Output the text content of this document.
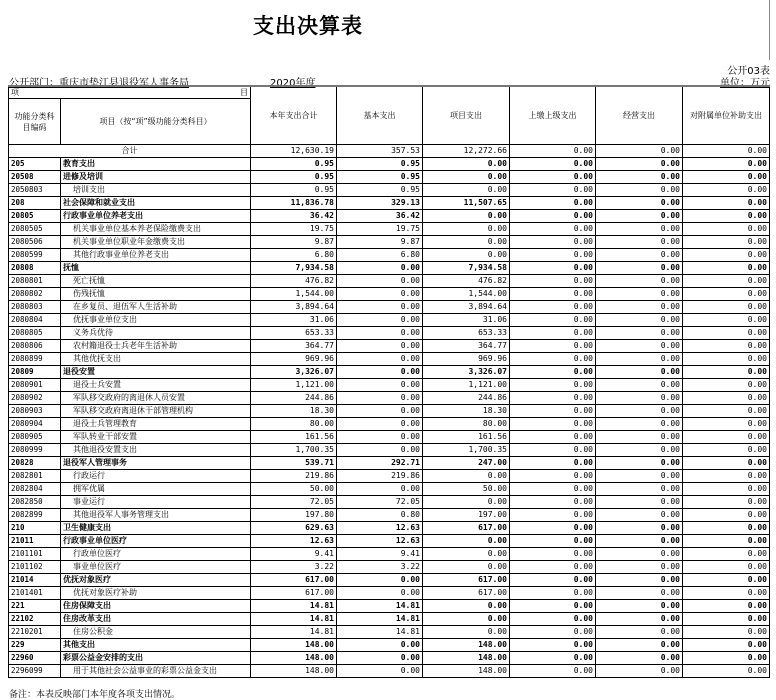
支出决算表
公开03表
公开部门：重庆市垫江县退役军人事务局	2020年度	单位：万元
项 目		本年支出合计	基本支出	项目支出	上缴上级支出	经营支出	对附属单位补助支出
功能分类科目编码	项目（按“项”级功能分类科目）						
合计		12,630.19	357.53	12,272.66	0.00	0.00	0.00
205	教育支出	0.95	0.95	0.00	0.00	0.00	0.00
20508	进修及培训	0.95	0.95	0.00	0.00	0.00	0.00
2050803	培训支出	0.95	0.95	0.00	0.00	0.00	0.00
208	社会保障和就业支出	11,836.78	329.13	11,507.65	0.00	0.00	0.00
20805	行政事业单位养老支出	36.42	36.42	0.00	0.00	0.00	0.00
2080505	机关事业单位基本养老保险缴费支出	19.75	19.75	0.00	0.00	0.00	0.00
2080506	机关事业单位职业年金缴费支出	9.87	9.87	0.00	0.00	0.00	0.00
2080599	其他行政事业单位养老支出	6.80	6.80	0.00	0.00	0.00	0.00
20808	抚恤	7,934.58	0.00	7,934.58	0.00	0.00	0.00
2080801	死亡抚恤	476.82	0.00	476.82	0.00	0.00	0.00
2080802	伤残抚恤	1,544.00	0.00	1,544.00	0.00	0.00	0.00
2080803	在乡复员、退伍军人生活补助	3,894.64	0.00	3,894.64	0.00	0.00	0.00
2080804	优抚事业单位支出	31.06	0.00	31.06	0.00	0.00	0.00
2080805	义务兵优待	653.33	0.00	653.33	0.00	0.00	0.00
2080806	农村籍退役士兵老年生活补助	364.77	0.00	364.77	0.00	0.00	0.00
2080899	其他优抚支出	969.96	0.00	969.96	0.00	0.00	0.00
20809	退役安置	3,326.07	0.00	3,326.07	0.00	0.00	0.00
2080901	退役士兵安置	1,121.00	0.00	1,121.00	0.00	0.00	0.00
2080902	军队移交政府的离退休人员安置	244.86	0.00	244.86	0.00	0.00	0.00
2080903	军队移交政府离退休干部管理机构	18.30	0.00	18.30	0.00	0.00	0.00
2080904	退役士兵管理教育	80.00	0.00	80.00	0.00	0.00	0.00
2080905	军队转业干部安置	161.56	0.00	161.56	0.00	0.00	0.00
2080999	其他退役安置支出	1,700.35	0.00	1,700.35	0.00	0.00	0.00
20828	退役军人管理事务	539.71	292.71	247.00	0.00	0.00	0.00
2082801	行政运行	219.86	219.86	0.00	0.00	0.00	0.00
2082804	拥军优属	50.00	0.00	50.00	0.00	0.00	0.00
2082850	事业运行	72.05	72.05	0.00	0.00	0.00	0.00
2082899	其他退役军人事务管理支出	197.80	0.80	197.00	0.00	0.00	0.00
210	卫生健康支出	629.63	12.63	617.00	0.00	0.00	0.00
21011	行政事业单位医疗	12.63	12.63	0.00	0.00	0.00	0.00
2101101	行政单位医疗	9.41	9.41	0.00	0.00	0.00	0.00
2101102	事业单位医疗	3.22	3.22	0.00	0.00	0.00	0.00
21014	优抚对象医疗	617.00	0.00	617.00	0.00	0.00	0.00
2101401	优抚对象医疗补助	617.00	0.00	617.00	0.00	0.00	0.00
221	住房保障支出	14.81	14.81	0.00	0.00	0.00	0.00
22102	住房改革支出	14.81	14.81	0.00	0.00	0.00	0.00
2210201	住房公积金	14.81	14.81	0.00	0.00	0.00	0.00
229	其他支出	148.00	0.00	148.00	0.00	0.00	0.00
22960	彩票公益金安排的支出	148.00	0.00	148.00	0.00	0.00	0.00
2296099	用于其他社会公益事业的彩票公益金支出	148.00	0.00	148.00	0.00	0.00	0.00
备注：本表反映部门本年度各项支出情况。
